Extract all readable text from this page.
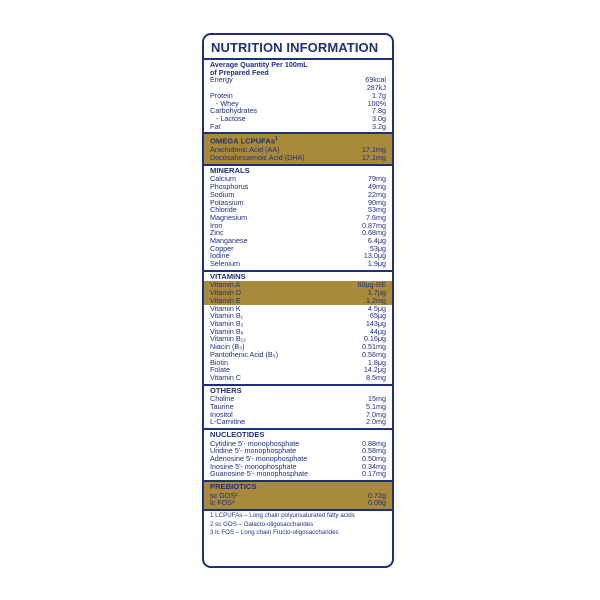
NUTRITION INFORMATION
Average Quantity Per 100mL
of Prepared Feed
Energy	69kcal
287kJ
Protein	1.7g
- Whey	100%
Carbohydrates	7.8g
- Lactose	3.0g
Fat	3.2g
OMEGA LCPUFAs$^1$
Arachidonic Acid (AA)	17.1mg
Docosahexaenoic Acid (DHA)	17.1mg
MINERALS
Calcium	79mg
Phosphorus	49mg
Sodium	22mg
Potassium	90mg
Chloride	53mg
Magnesium	7.6mg
Iron	0.87mg
Zinc	0.68mg
Manganese	6.4μg
Copper	53μg
Iodine	13.0μg
Selenium	1.9μg
VITAMINS
Vitamin A	60μg-RE
Vitamin D	1.7μg
Vitamin E	1.2mg
Vitamin K	4.5μg
Vitamin B₁	65μg
Vitamin B₂	143μg
Vitamin B₆	44μg
Vitamin B₁₂	0.16μg
Niacin (B₃)	0.51mg
Pantothenic Acid (B₅)	0.56mg
Biotin	1.8μg
Folate	14.2μg
Vitamin C	8.5mg
OTHERS
Choline	15mg
Taurine	5.1mg
Inositol	7.0mg
L-Carnitine	2.0mg
NUCLEOTIDES
Cytidine 5'- monophosphate	0.88mg
Uridine 5'- monophosphate	0.58mg
Adenosine 5'- monophosphate	0.50mg
Inosine 5'- monophosphate	0.34mg
Guanosine 5'- monophosphate	0.17mg
PREBIOTICS
sc GOS²	0.72g
lc FOS³	0.08g
1 LCPUFAs – Long chain polyunsaturated fatty acids
2 sc GOS – Galacto-oligosaccharides
3 lc FOS – Long chain Fructo-oligosaccharides
